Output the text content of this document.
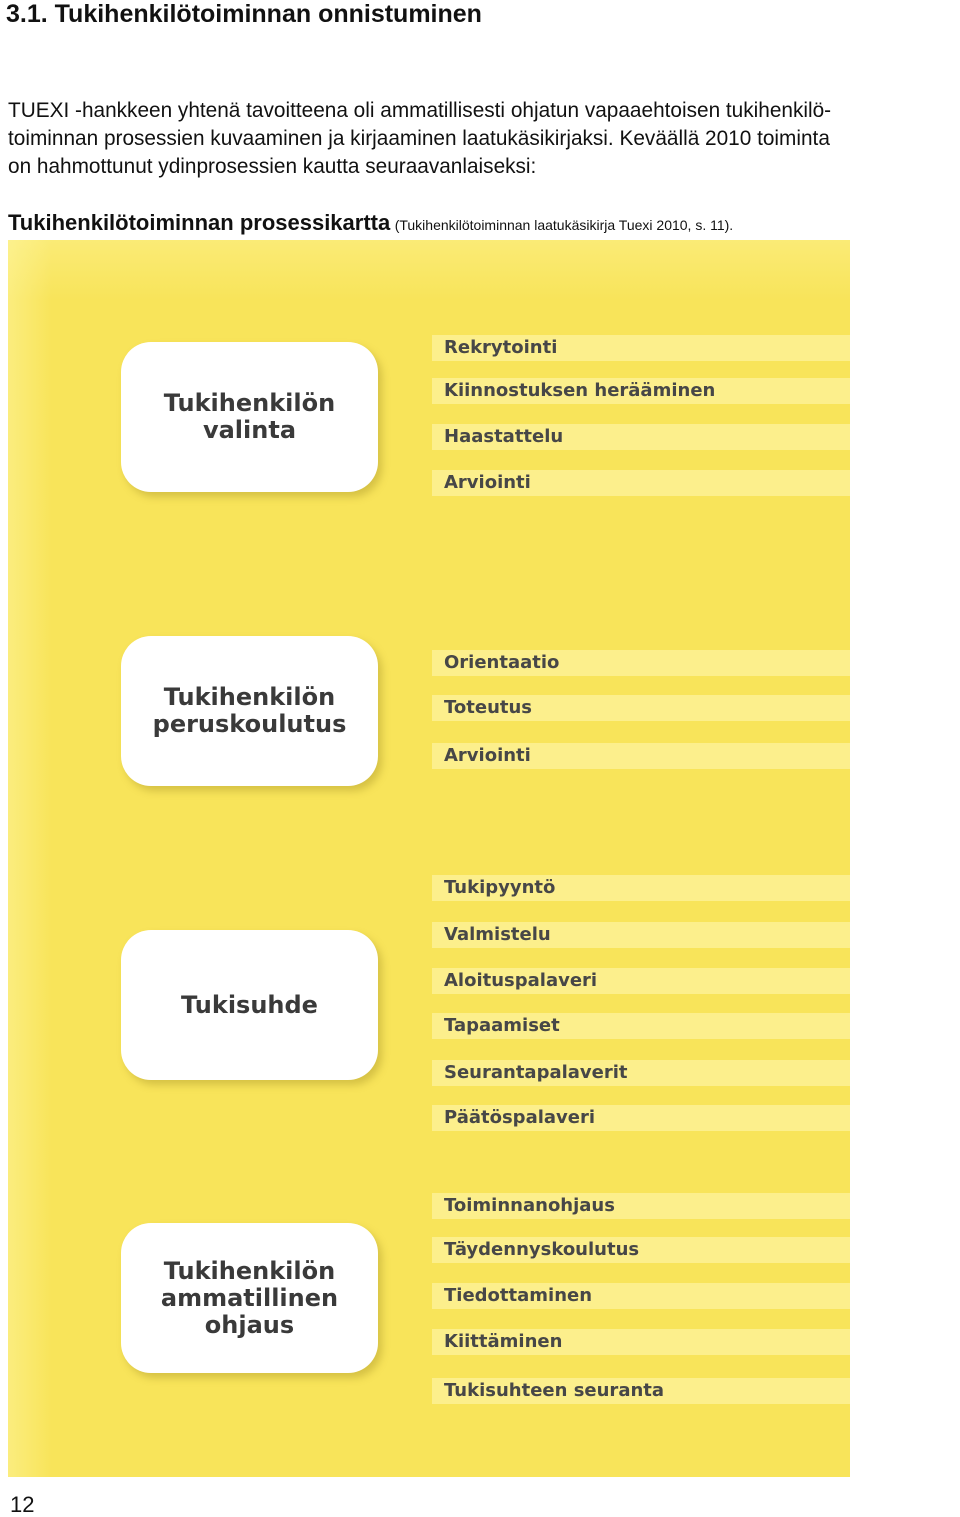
3.1. Tukihenkilötoiminnan onnistuminen

TUEXI -hankkeen yhtenä tavoitteena oli ammatillisesti ohjatun vapaaehtoisen tukihenkilö-
toiminnan prosessien kuvaaminen ja kirjaaminen laatukäsikirjaksi. Keväällä 2010 toiminta
on hahmottunut ydinprosessien kautta seuraavanlaiseksi:

Tukihenkilötoiminnan prosessikartta (Tukihenkilötoiminnan laatukäsikirja Tuexi 2010, s. 11).
Tukihenkilön
valinta
Rekrytointi
Kiinnostuksen herääminen
Haastattelu
Arviointi
Tukihenkilön
peruskoulutus
Orientaatio
Toteutus
Arviointi
Tukisuhde
Tukipyyntö
Valmistelu
Aloituspalaveri
Tapaamiset
Seurantapalaverit
Päätöspalaveri
Tukihenkilön
ammatillinen
ohjaus
Toiminnanohjaus
Täydennyskoulutus
Tiedottaminen
Kiittäminen
Tukisuhteen seuranta
12
